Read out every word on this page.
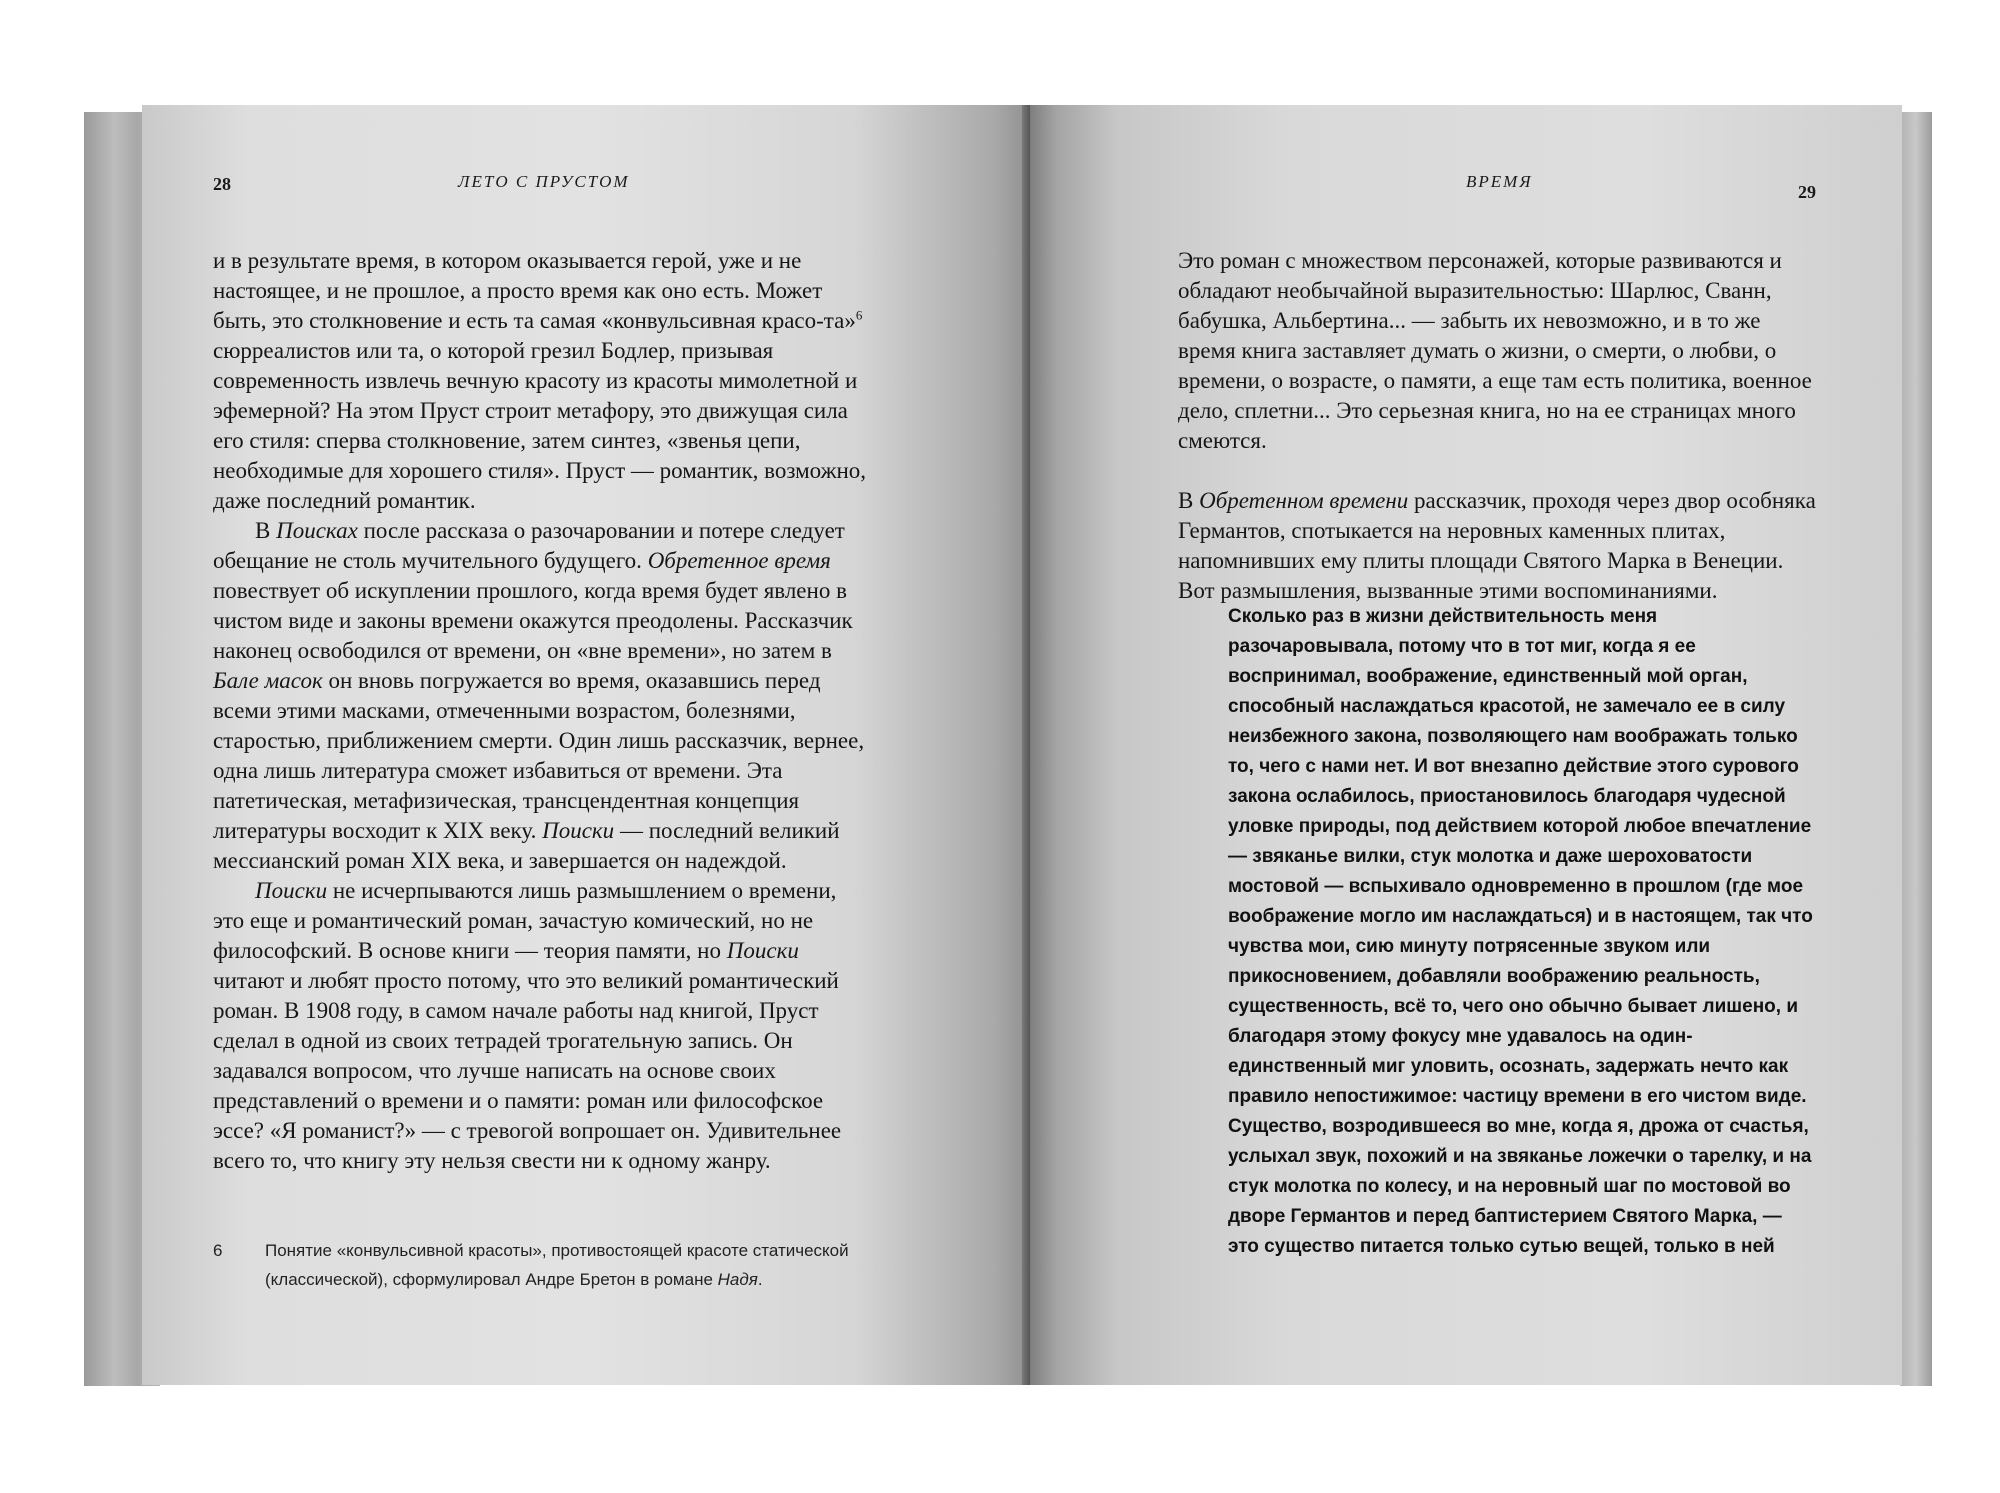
28	ЛЕТО С ПРУСТОМ

и в результате время, в котором оказывается герой, уже и не настоящее, и не прошлое, а просто время как оно есть. Может быть, это столкновение и есть та самая «конвульсивная красо-та»$^6$ сюрреалистов или та, о которой грезил Бодлер, призывая современность извлечь вечную красоту из красоты мимолетной и эфемерной? На этом Пруст строит метафору, это движущая сила его стиля: сперва столкновение, затем синтез, «звенья цепи, необходимые для хорошего стиля». Пруст — романтик, возможно, даже последний романтик.

В Поисках после рассказа о разочаровании и потере следует обещание не столь мучительного будущего. Обретенное время повествует об искуплении прошлого, когда время будет явлено в чистом виде и законы времени окажутся преодолены. Рассказчик наконец освободился от времени, он «вне времени», но затем в Бале масок он вновь погружается во время, оказавшись перед всеми этими масками, отмеченными возрастом, болезнями, старостью, приближением смерти. Один лишь рассказчик, вернее, одна лишь литература сможет избавиться от времени. Эта патетическая, метафизическая, трансцендентная концепция литературы восходит к XIX веку. Поиски — последний великий мессианский роман XIX века, и завершается он надеждой.

Поиски не исчерпываются лишь размышлением о времени, это еще и романтический роман, зачастую комический, но не философский. В основе книги — теория памяти, но Поиски читают и любят просто потому, что это великий романтический роман. В 1908 году, в самом начале работы над книгой, Пруст сделал в одной из своих тетрадей трогательную запись. Он задавался вопросом, что лучше написать на основе своих представлений о времени и о памяти: роман или философское эссе? «Я романист?» — с тревогой вопрошает он. Удивительнее всего то, что книгу эту нельзя свести ни к одному жанру.

6	Понятие «конвульсивной красоты», противостоящей красоте статической (классической), сформулировал Андре Бретон в романе Надя.
ВРЕМЯ
29

Это роман с множеством персонажей, которые развиваются и обладают необычайной выразительностью: Шарлюс, Сванн, бабушка, Альбертина... — забыть их невозможно, и в то же время книга заставляет думать о жизни, о смерти, о любви, о времени, о возрасте, о памяти, а еще там есть политика, военное дело, сплетни... Это серьезная книга, но на ее страницах много смеются.

В Обретенном времени рассказчик, проходя через двор особняка Германтов, спотыкается на неровных каменных плитах, напомнивших ему плиты площади Святого Марка в Венеции. Вот размышления, вызванные этими воспоминаниями.

Сколько раз в жизни действительность меня разочаровывала, потому что в тот миг, когда я ее воспринимал, воображение, единственный мой орган, способный наслаждаться красотой, не замечало ее в силу неизбежного закона, позволяющего нам воображать только то, чего с нами нет. И вот внезапно действие этого сурового закона ослабилось, приостановилось благодаря чудесной уловке природы, под действием которой любое впечатление — звяканье вилки, стук молотка и даже шероховатости мостовой — вспыхивало одновременно в прошлом (где мое воображение могло им наслаждаться) и в настоящем, так что чувства мои, сию минуту потрясенные звуком или прикосновением, добавляли воображению реальность, существенность, всё то, чего оно обычно бывает лишено, и благодаря этому фокусу мне удавалось на один-единственный миг уловить, осознать, задержать нечто как правило непостижимое: частицу времени в его чистом виде. Существо, возродившееся во мне, когда я, дрожа от счастья, услыхал звук, похожий и на звяканье ложечки о тарелку, и на стук молотка по колесу, и на неровный шаг по мостовой во дворе Германтов и перед баптистерием Святого Марка, — это существо питается только сутью вещей, только в ней
